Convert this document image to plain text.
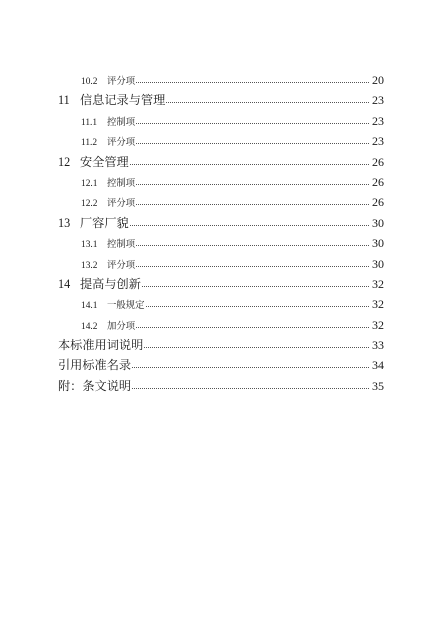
10.2	评分项	20
11 信息记录与管理	23
11.1	控制项	23
11.2	评分项	23
12 安全管理	26
12.1	控制项	26
12.2	评分项	26
13 厂容厂貌	30
13.1	控制项	30
13.2	评分项	30
14 提高与创新	32
14.1	一般规定	32
14.2	加分项	32
本标准用词说明	33
引用标准名录	34
附：条文说明	35
